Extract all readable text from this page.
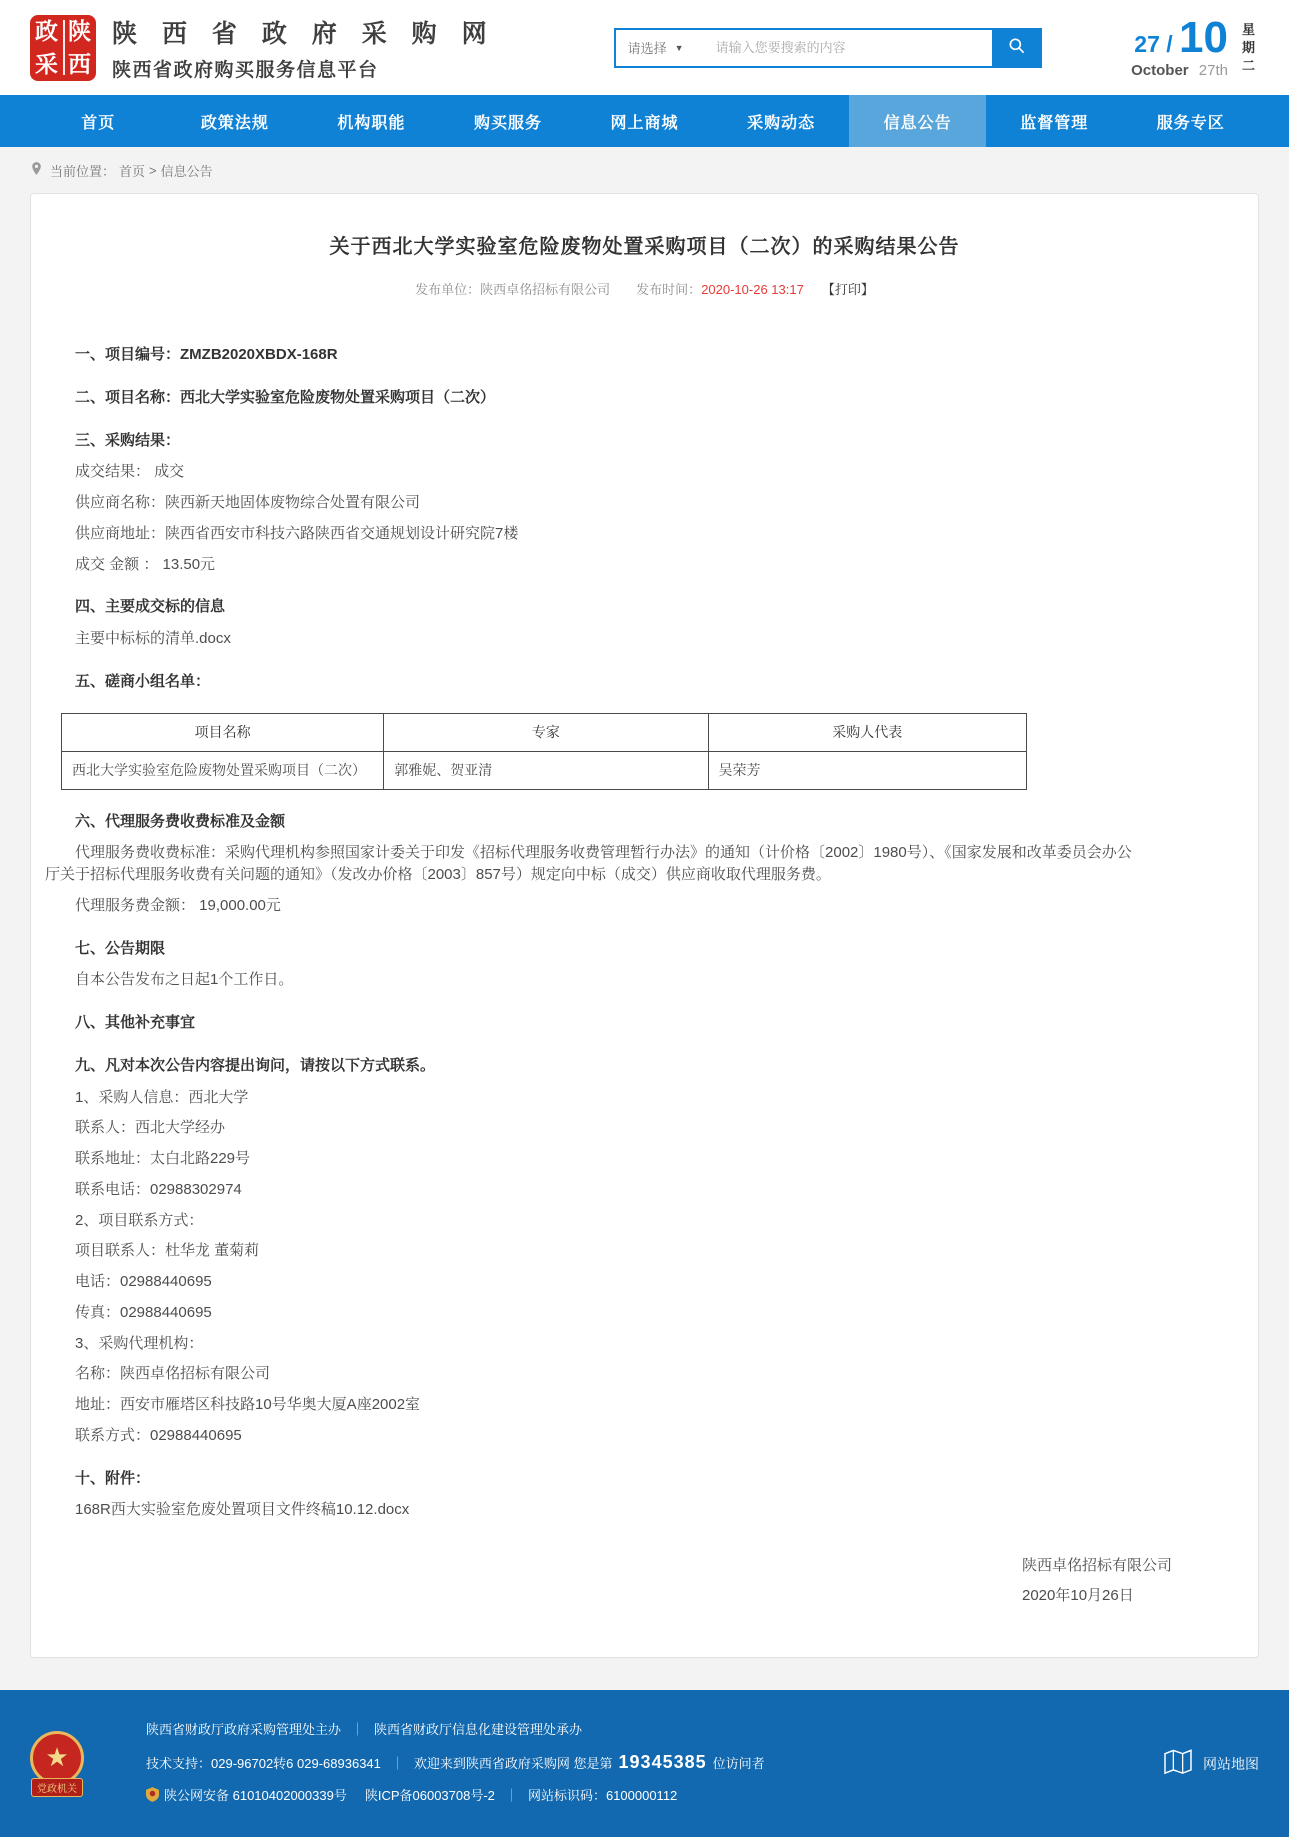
政 陕
采 西
陕 西 省 政 府 采 购 网
陕西省政府购买服务信息平台
请选择 ▼
请输入您要搜索的内容	27 / 10
October 27th
星期二
首页	政策法规	机构职能	购买服务	网上商城	采购动态	信息公告	监督管理	服务专区
当前位置： 首页 > 信息公告
关于西北大学实验室危险废物处置采购项目（二次）的采购结果公告
发布单位：陕西卓佲招标有限公司 发布时间：2020-10-26 13:17 【打印】
一、项目编号：ZMZB2020XBDX-168R
二、项目名称：西北大学实验室危险废物处置采购项目（二次）
三、采购结果：

成交结果： 成交

供应商名称：陕西新天地固体废物综合处置有限公司

供应商地址：陕西省西安市科技六路陕西省交通规划设计研究院7楼

成交 金额 ： 13.50元

四、主要成交标的信息

主要中标标的清单.docx

五、磋商小组名单：
项目名称	专家	采购人代表
西北大学实验室危险废物处置采购项目（二次）	郭雅妮、贺亚清	吴荣芳
六、代理服务费收费标准及金额

代理服务费收费标准：采购代理机构参照国家计委关于印发《招标代理服务收费管理暂行办法》的通知（计价格〔2002〕1980号）、《国家发展和改革委员会办公厅关于招标代理服务收费有关问题的通知》（发改办价格〔2003〕857号）规定向中标（成交）供应商收取代理服务费。

代理服务费金额： 19,000.00元

七、公告期限

自本公告发布之日起1个工作日。

八、其他补充事宜
九、凡对本次公告内容提出询问，请按以下方式联系。

1、采购人信息：西北大学

联系人：西北大学经办

联系地址：太白北路229号

联系电话：02988302974

2、项目联系方式：

项目联系人：杜华龙 董菊莉

电话：02988440695

传真：02988440695

3、采购代理机构：

名称：陕西卓佲招标有限公司

地址：西安市雁塔区科技路10号华奥大厦A座2002室

联系方式：02988440695

十、附件：

168R西大实验室危废处置项目文件终稿10.12.docx

陕西卓佲招标有限公司
2020年10月26日
★
党政机关
陕西省财政厅政府采购管理处主办 ｜ 陕西省财政厅信息化建设管理处承办
技术支持：029-96702转6 029-68936341 ｜ 欢迎来到陕西省政府采购网 您是第 19345385 位访问者
陕公网安备 61010402000339号 陕ICP备06003708号-2 ｜ 网站标识码：6100000112
网站地图
